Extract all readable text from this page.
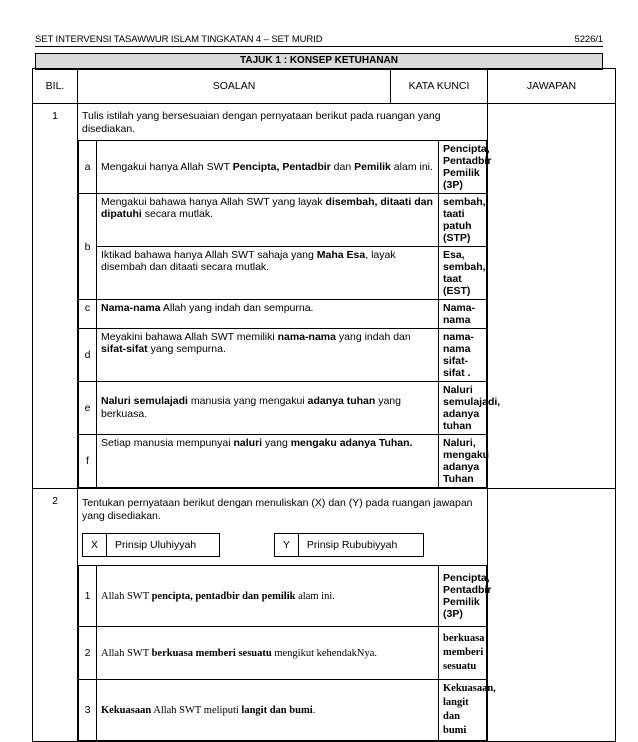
SET INTERVENSI TASAWWUR ISLAM TINGKATAN 4 – SET MURID	5226/1
TAJUK 1 : KONSEP KETUHANAN
BIL.	SOALAN	KATA KUNCI	JAWAPAN
1	Tulis istilah yang bersesuaian dengan pernyataan berikut pada ruangan yang disediakan.
a	Mengakui hanya Allah SWT Pencipta, Pentadbir dan Pemilik alam ini.	Pencipta, Pentadbir Pemilik (3P)
b	Mengakui bahawa hanya Allah SWT yang layak disembah, ditaati dan dipatuhi secara mutlak.	sembah, taati patuh (STP)
Iktikad bahawa hanya Allah SWT sahaja yang Maha Esa, layak disembah dan ditaati secara mutlak.	Esa, sembah, taat (EST)
c	Nama-nama Allah yang indah dan sempurna.	Nama-nama
d	Meyakini bahawa Allah SWT memiliki nama-nama yang indah dan sifat-sifat yang sempurna.	nama-nama sifat-sifat .
e	Naluri semulajadi manusia yang mengakui adanya tuhan yang berkuasa.	Naluri semulajadi, adanya tuhan
f	Setiap manusia mempunyai naluri yang mengaku adanya Tuhan.	Naluri, mengaku adanya Tuhan

2	Tentukan pernyataan berikut dengan menuliskan (X) dan (Y) pada ruangan jawapan yang disediakan.
X Prinsip Uluhiyyah	Y Prinsip Rububiyyah
1	Allah SWT pencipta, pentadbir dan pemilik alam ini.	Pencipta, Pentadbir Pemilik (3P)
2	Allah SWT berkuasa memberi sesuatu mengikut kehendakNya.	berkuasa memberi sesuatu
3	Kekuasaan Allah SWT meliputi langit dan bumi.	Kekuasaan, langit dan bumi
